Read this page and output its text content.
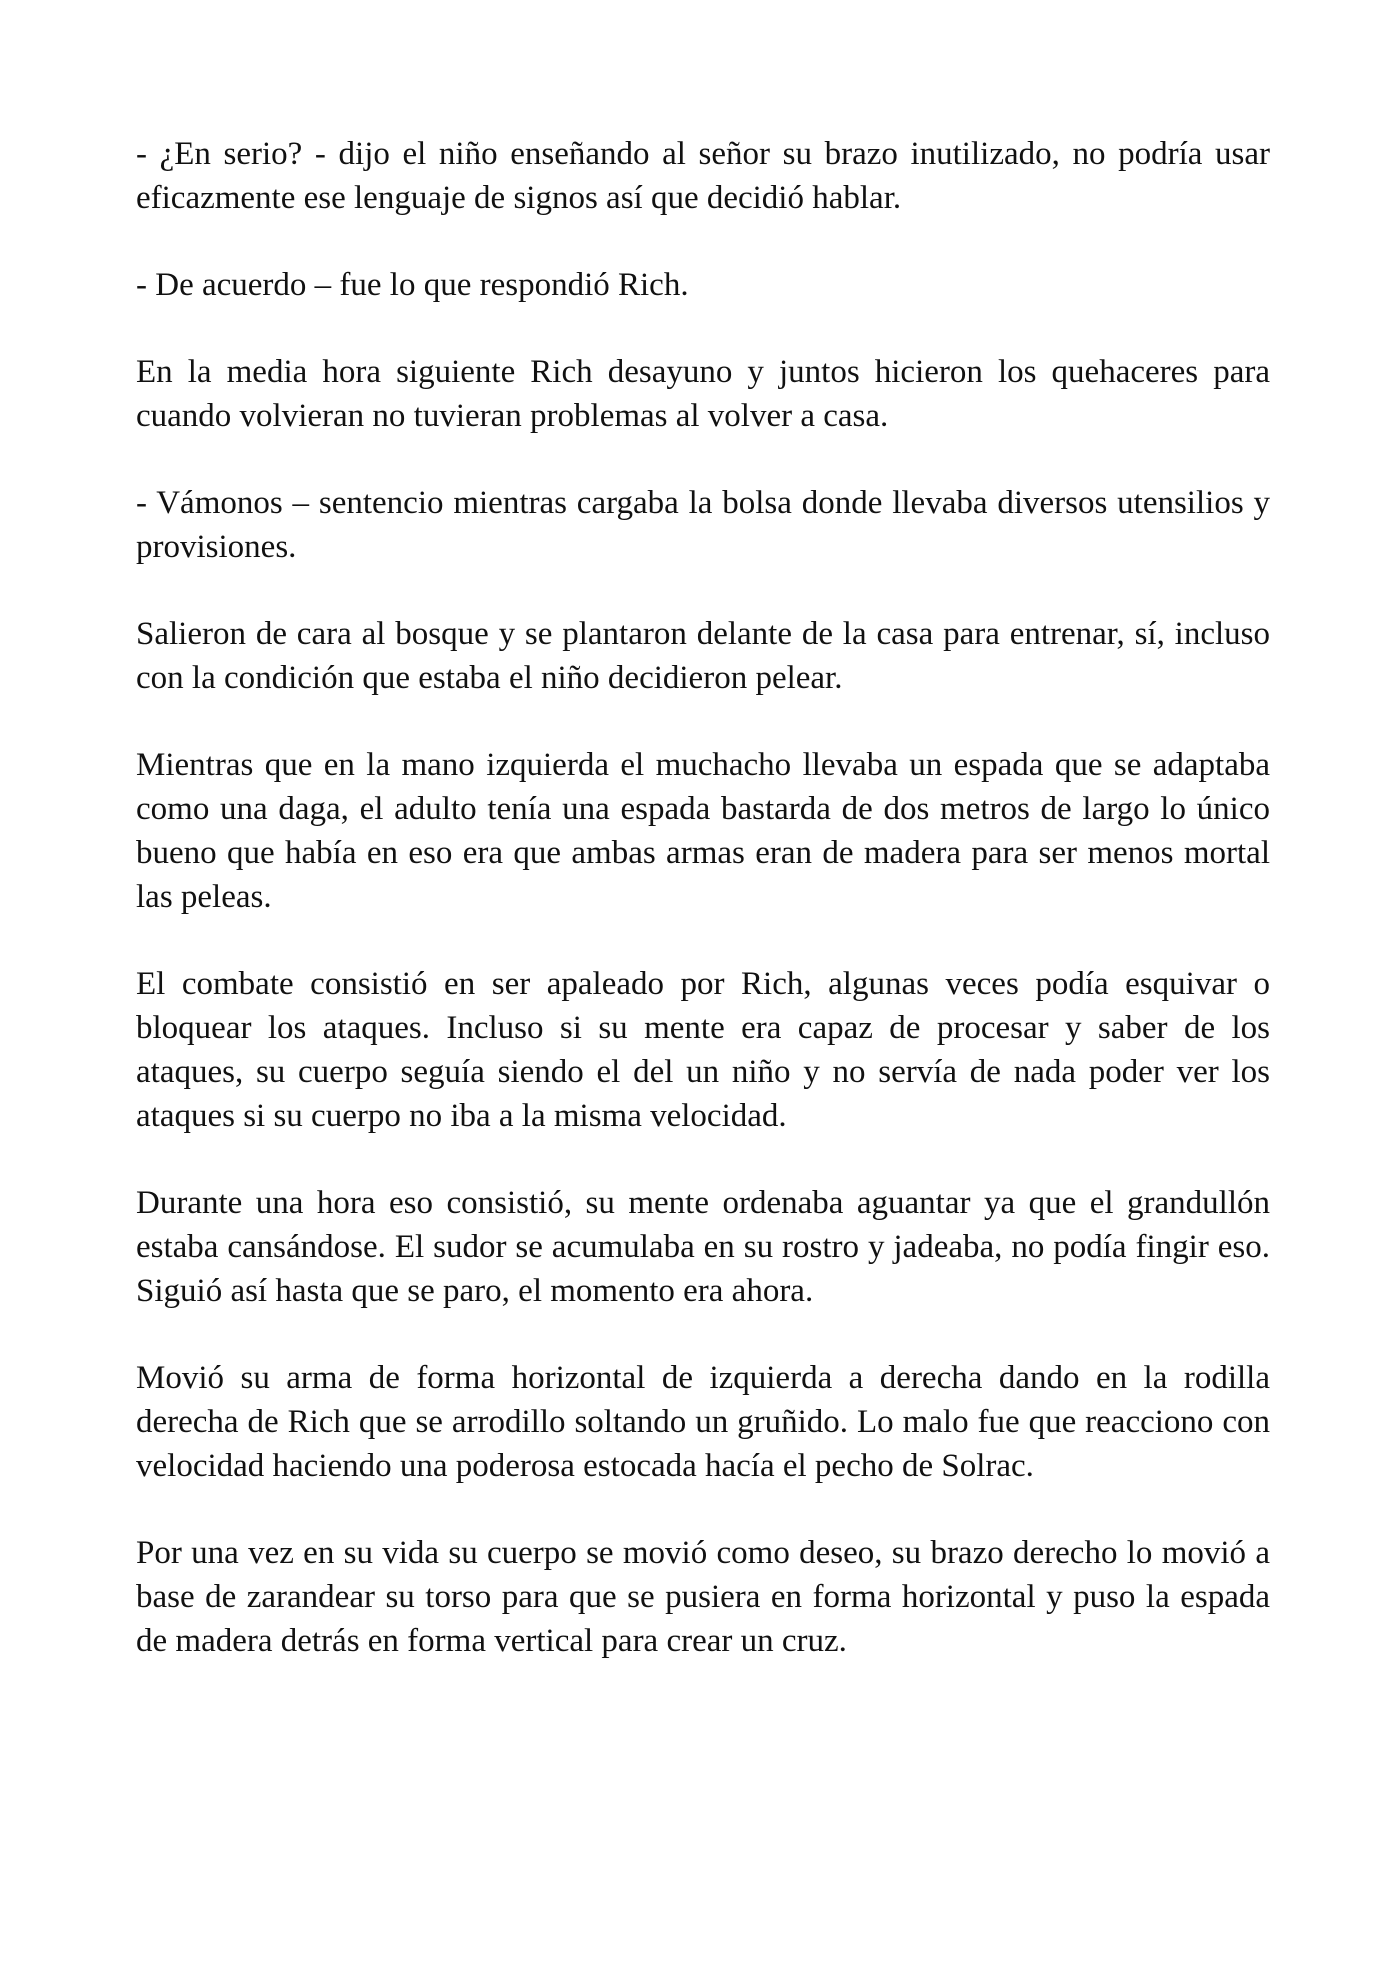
- ¿En serio? - dijo el niño enseñando al señor su brazo inutilizado, no podría usar eficazmente ese lenguaje de signos así que decidió hablar.

- De acuerdo – fue lo que respondió Rich.

En la media hora siguiente Rich desayuno y juntos hicieron los quehaceres para cuando volvieran no tuvieran problemas al volver a casa.

- Vámonos – sentencio mientras cargaba la bolsa donde llevaba diversos utensilios y provisiones.

Salieron de cara al bosque y se plantaron delante de la casa para entrenar, sí, incluso con la condición que estaba el niño decidieron pelear.

Mientras que en la mano izquierda el muchacho llevaba un espada que se adaptaba como una daga, el adulto tenía una espada bastarda de dos metros de largo lo único bueno que había en eso era que ambas armas eran de madera para ser menos mortal las peleas.

El combate consistió en ser apaleado por Rich, algunas veces podía esquivar o bloquear los ataques. Incluso si su mente era capaz de procesar y saber de los ataques, su cuerpo seguía siendo el del un niño y no servía de nada poder ver los ataques si su cuerpo no iba a la misma velocidad.

Durante una hora eso consistió, su mente ordenaba aguantar ya que el grandullón estaba cansándose. El sudor se acumulaba en su rostro y jadeaba, no podía fingir eso. Siguió así hasta que se paro, el momento era ahora.

Movió su arma de forma horizontal de izquierda a derecha dando en la rodilla derecha de Rich que se arrodillo soltando un gruñido. Lo malo fue que reacciono con velocidad haciendo una poderosa estocada hacía el pecho de Solrac.

Por una vez en su vida su cuerpo se movió como deseo, su brazo derecho lo movió a base de zarandear su torso para que se pusiera en forma horizontal y puso la espada de madera detrás en forma vertical para crear un cruz.
